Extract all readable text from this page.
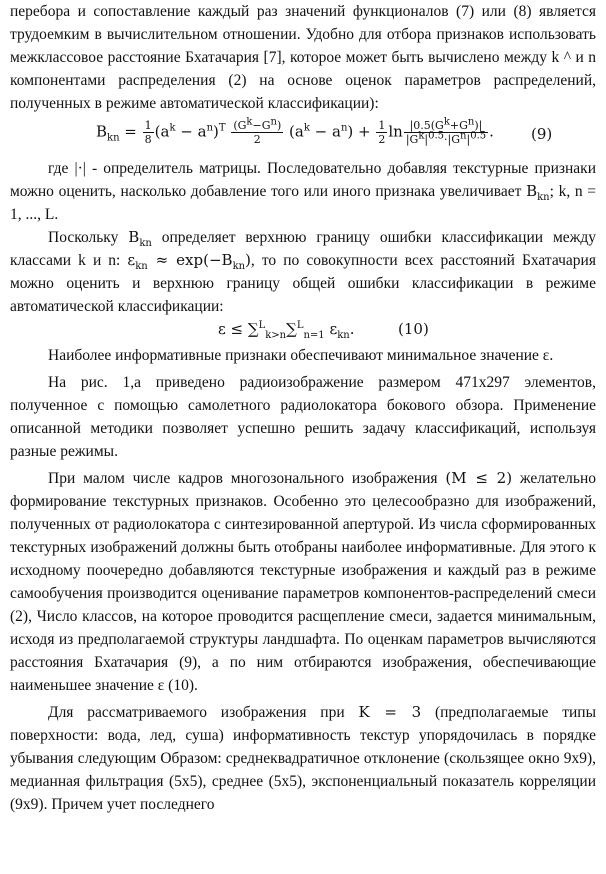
перебора и сопоставление каждый раз значений функционалов (7) или (8) является трудоемким в вычислительном отношении. Удобно для отбора признаков использовать межклассовое расстояние Бхатачария [7], которое может быть вычислено между k ^ и n компонентами распределения (2) на основе оценок параметров распределений, полученных в режиме автоматической классификации):

$B_{kn} = \frac{1}{8} (a^k - a^n)^T \frac{(G^k-G^n)}{2} (a^k - a^n) + \frac{1}{2}$ $\ln \frac{|0.5(G^k+G^n)|}{|G^k|^{0.5}\cdot|G^n|^{0.5}}$ . (9)

где |·| - определитель матрицы. Последовательно добавляя текстурные признаки можно оценить, насколько добавление того или иного признака увеличивает $B_{kn}$; k, n = 1, ..., L.

Поскольку $B_{kn}$ определяет верхнюю границу ошибки классификации между классами k и n: $\varepsilon_{kn} \approx \exp(-B_{kn})$, то по совокупности всех расстояний Бхатачария можно оценить и верхнюю границу общей ошибки классификации в режиме автоматической классификации:

ε ≤ ∑$^L_{k>n}$∑$^L_{n=1}$ $\varepsilon_{kn}$.	(10)

Наиболее информативные признаки обеспечивают минимальное значение ε.

На рис. 1,а приведено радиоизображение размером 471х297 элементов, полученное с помощью самолетного радиолокатора бокового обзора. Применение описанной методики позволяет успешно решить задачу классификаций, используя разные режимы.

При малом числе кадров многозонального изображения (M ≤ 2) желательно формирование текстурных признаков. Особенно это целесообразно для изображений, полученных от радиолокатора с синтезированной апертурой. Из числа сформированных текстурных изображений должны быть отобраны наиболее информативные. Для этого к исходному поочередно добавляются текстурные изображения и каждый раз в режиме самообучения производится оценивание параметров компонентов-распределений смеси (2), Число классов, на которое проводится расщепление смеси, задается минимальным, исходя из предполагаемой структуры ландшафта. По оценкам параметров вычисляются расстояния Бхатачария (9), а по ним отбираются изображения, обеспечивающие наименьшее значение ε (10).

Для рассматриваемого изображения при K = 3 (предполагаемые типы поверхности: вода, лед, суша) информативность текстур упорядочилась в порядке убывания следующим Образом: среднеквадратичное отклонение (скользящее окно 9х9), медианная фильтрация (5х5), среднее (5х5), экспоненциальный показатель корреляции (9х9). Причем учет последнего
